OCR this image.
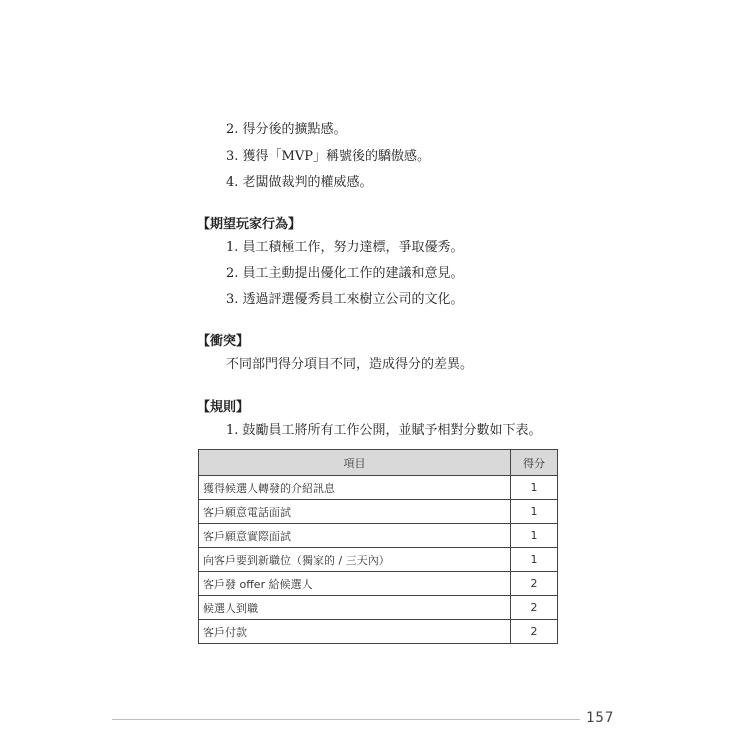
2. 得分後的擴點感。
3. 獲得「MVP」稱號後的驕傲感。
4. 老闆做裁判的權威感。
【期望玩家行為】
1. 員工積極工作，努力達標，爭取優秀。
2. 員工主動提出優化工作的建議和意見。
3. 透過評選優秀員工來樹立公司的文化。
【衝突】
不同部門得分項目不同，造成得分的差異。
【規則】
1. 鼓勵員工將所有工作公開，並賦予相對分數如下表。
項目	得分
獲得候選人轉發的介紹訊息	1
客戶願意電話面試	1
客戶願意實際面試	1
向客戶要到新職位（獨家的 / 三天內）	1
客戶發 offer 給候選人	2
候選人到職	2
客戶付款	2
157
